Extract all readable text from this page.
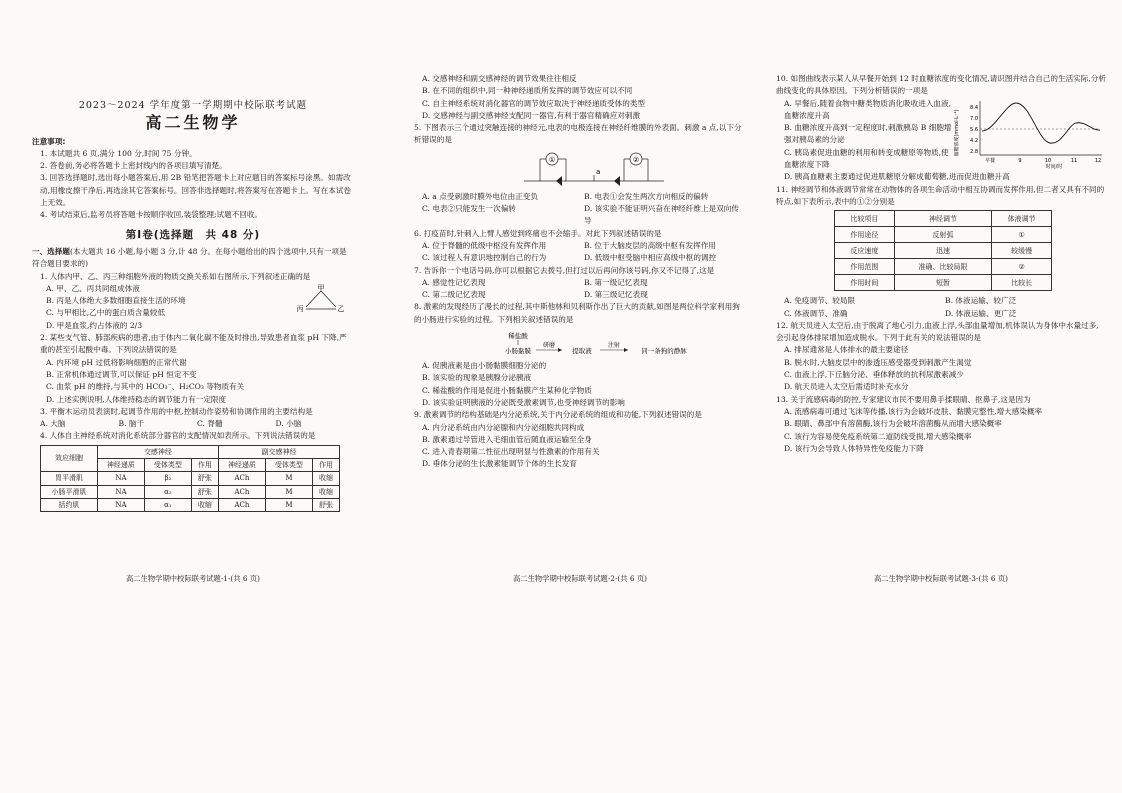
2023～2024 学年度第一学期期中校际联考试题
高二生物学

注意事项:

1. 本试题共 6 页,满分 100 分,时间 75 分钟。

2. 答卷前,务必将答题卡上密封线内的各项目填写清楚。

3. 回答选择题时,选出每小题答案后,用 2B 铅笔把答题卡上对应题目的答案标号涂黑。如需改动,用橡皮擦干净后,再选涂其它答案标号。回答非选择题时,将答案写在答题卡上。写在本试卷上无效。

4. 考试结束后,监考员将答题卡按顺序收回,装袋整理;试题不回收。

第Ⅰ卷(选择题　共 48 分)

一、选择题(本大题共 16 小题,每小题 3 分,计 48 分。在每小题给出的四个选项中,只有一项是符合题目要求的)

1. 人体内甲、乙、丙三种细胞外液的物质交换关系如右图所示,下列叙述正确的是

A. 甲、乙、丙共同组成体液

B. 丙是人体绝大多数细胞直接生活的环境

C. 与甲相比,乙中的蛋白质含量较低

D. 甲是血浆,约占体液的 2/3

甲
乙
丙

2. 某些支气管、肺部疾病的患者,由于体内二氧化碳不能及时排出,导致患者血浆 pH 下降,严重的甚至引起酸中毒。下列说法错误的是

A. 内环境 pH 过低将影响细胞的正常代谢

B. 正常机体通过调节,可以保证 pH 恒定不变

C. 血浆 pH 的维持,与其中的 HCO₃⁻、H₂CO₃ 等物质有关

D. 上述实例说明,人体维持稳态的调节能力有一定限度

3. 平衡木运动员表演时,起调节作用的中枢,控制动作姿势和协调作用的主要结构是

A. 大脑	B. 脑干	C. 脊髓	D. 小脑

4. 人体自主神经系统对消化系统部分器官的支配情况如表所示。下列说法错误的是

效应细胞	交感神经			副交感神经		
	神经递质	受体类型	作用	神经递质	受体类型	作用
胃平滑肌	NA	β₂	舒张	ACh	M	收缩
小肠平滑肌	NA	α₂	舒张	ACh	M	收缩
括约肌	NA	α₁	收缩	ACh	M	舒张
高二生物学期中校际联考试题-1-(共 6 页)

A. 交感神经和副交感神经的调节效果往往相反

B. 在不同的组织中,同一种神经递质所发挥的调节效应可以不同

C. 自主神经系统对消化器官的调节效应取决于神经递质受体的类型

D. 交感神经与副交感神经支配同一器官,有利于器官精确应对刺激

5. 下图表示三个通过突触连接的神经元,电表的电极连接在神经纤维膜的外表面。刺激 a 点,以下分析错误的是

①	②
a
A. a 点受刺激时膜外电位由正变负	B. 电表①会发生两次方向相反的偏转
C. 电表②只能发生一次偏转	D. 该实验不能证明兴奋在神经纤维上是双向传导

6. 打疫苗时,针刺入上臂人感觉到疼痛也不会缩手。对此下列叙述错误的是

A. 位于脊髓的低级中枢没有发挥作用	B. 位于大脑皮层的高级中枢有发挥作用
C. 该过程人有意识地控制自己的行为	D. 低级中枢受脑中相应高级中枢的调控

7. 告诉你一个电话号码,你可以根据它去拨号,但打过以后再问你该号码,你又不记得了,这是

A. 感觉性记忆表现	B. 第一级记忆表现
C. 第二级记忆表现	D. 第三级记忆表现

8. 激素的发现经历了漫长的过程,其中斯他林和贝利斯作出了巨大的贡献,如图是两位科学家利用狗的小肠进行实验的过程。下列相关叙述错误的是

稀盐酸
小肠黏膜
研磨
提取液
注射
同一条狗的静脉

A. 促胰液素是由小肠黏膜细胞分泌的

B. 该实验的现象是胰腺分泌胰液

C. 稀盐酸的作用是促进小肠黏膜产生某种化学物质

D. 该实验证明胰液的分泌既受激素调节,也受神经调节的影响

9. 激素调节的结构基础是内分泌系统,关于内分泌系统的组成和功能,下列叙述错误的是

A. 内分泌系统由内分泌腺和内分泌细胞共同构成

B. 激素通过导管进入毛细血管后随血液运输至全身

C. 进入青春期第二性征出现明显与性激素的作用有关

D. 垂体分泌的生长激素能调节个体的生长发育

高二生物学期中校际联考试题-2-(共 6 页)

10. 如图曲线表示某人从早餐开始到 12 时血糖浓度的变化情况,请识图并结合自己的生活实际,分析曲线变化的具体原因。下列分析错误的一项是

A. 早餐后,随着食物中糖类物质消化吸收进入血液,血糖浓度升高

B. 血糖浓度升高到一定程度时,刺激胰岛 B 细胞增强对胰岛素的分泌

C. 胰岛素促进血糖的利用和转变成糖原等物质,使血糖浓度下降

D. 胰高血糖素主要通过促进肌糖原分解成葡萄糖,进而促进血糖升高

血糖浓度(mmol·L⁻¹)
8.4
7.0
5.6
4.2
2.8
早餐	9	10	11	12
时间/时

11. 神经调节和体液调节常常在动物体的各项生命活动中相互协调而发挥作用,但二者又具有不同的特点,如下表所示,表中的①②分别是

比较项目	神经调节	体液调节
作用途径	反射弧	①
反应速度	迅速	较缓慢
作用范围	准确、比较局限	②
作用时间	短暂	比较长
A. 免疫调节、较局限	B. 体液运输、较广泛
C. 体液调节、准确	D. 体液运输、更广泛

12. 航天员进入太空后,由于脱离了地心引力,血液上浮,头部血量增加,机体误认为身体中水量过多,会引起身体排尿增加造成脱水。下列于此有关的说法错误的是

A. 排尿通常是人体排水的最主要途径

B. 脱水时,大脑皮层中的渗透压感受器受到刺激产生渴觉

C. 血液上浮,下丘脑分泌、垂体释放的抗利尿激素减少

D. 航天员进入太空后需适时补充水分

13. 关于流感病毒的防控,专家建议市民不要用鼻手揉眼睛、抠鼻子,这是因为

A. 流感病毒可通过飞沫等传播,该行为会破坏皮肤、黏膜完整性,增大感染概率

B. 眼睛、鼻部中有溶菌酶,该行为会破坏溶菌酶从而增大感染概率

C. 该行为容易使免疫系统第二道防线受损,增大感染概率

D. 该行为会导致人体特异性免疫能力下降

高二生物学期中校际联考试题-3-(共 6 页)
